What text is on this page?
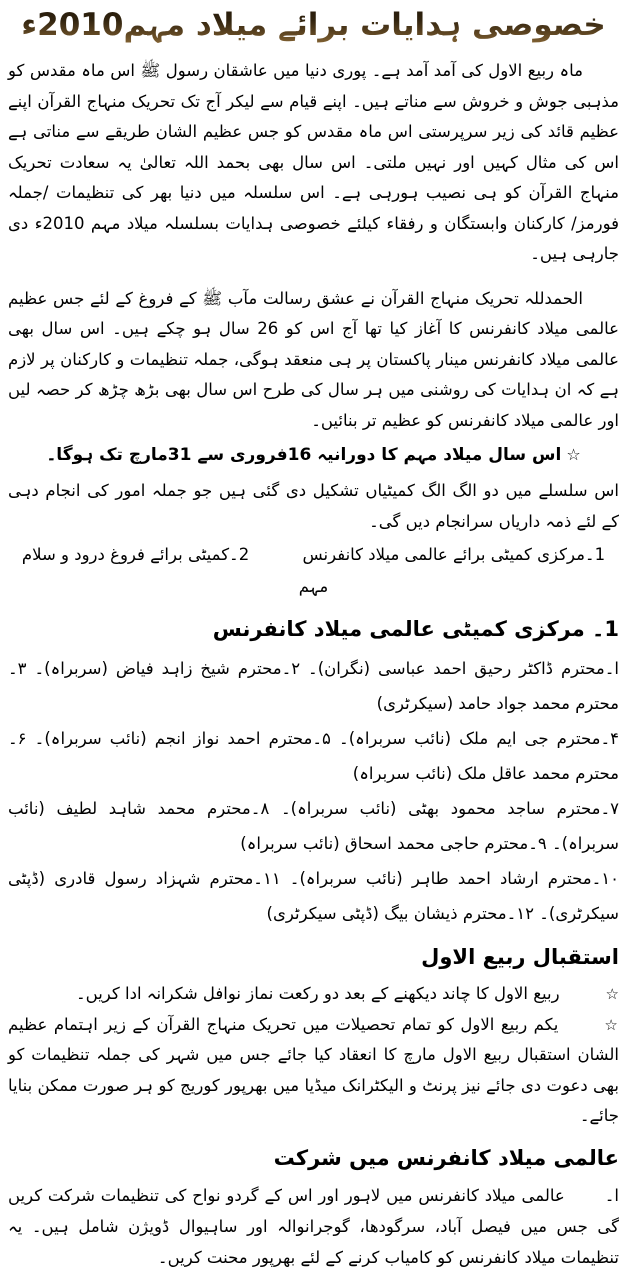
خصوصی ہدایات برائے میلاد مہم2010ء

ماہ ربیع الاول کی آمد آمد ہے۔ پوری دنیا میں عاشقان رسول ﷺ اس ماہ مقدس کو مذہبی جوش و خروش سے مناتے ہیں۔ اپنے قیام سے لیکر آج تک تحریک منہاج القرآن اپنے عظیم قائد کی زیر سرپرستی اس ماہ مقدس کو جس عظیم الشان طریقے سے مناتی ہے اس کی مثال کہیں اور نہیں ملتی۔ اس سال بھی بحمد اللہ تعالیٰ یہ سعادت تحریک منہاج القرآن کو ہی نصیب ہورہی ہے۔ اس سلسلہ میں دنیا بھر کی تنظیمات /جملہ فورمز/ کارکنان وابستگان و رفقاء کیلئے خصوصی ہدایات بسلسلہ میلاد مہم 2010ء دی جارہی ہیں۔

الحمدللہ تحریک منہاج القرآن نے عشق رسالت مآب ﷺ کے فروغ کے لئے جس عظیم عالمی میلاد کانفرنس کا آغاز کیا تھا آج اس کو 26 سال ہو چکے ہیں۔ اس سال بھی عالمی میلاد کانفرنس مینار پاکستان پر ہی منعقد ہوگی، جملہ تنظیمات و کارکنان پر لازم ہے کہ ان ہدایات کی روشنی میں ہر سال کی طرح اس سال بھی بڑھ چڑھ کر حصہ لیں اور عالمی میلاد کانفرنس کو عظیم تر بنائیں۔

☆اس سال میلاد مہم کا دورانیہ 16فروری سے 31مارچ تک ہوگا۔

اس سلسلے میں دو الگ الگ کمیٹیاں تشکیل دی گئی ہیں جو جملہ امور کی انجام دہی کے لئے ذمہ داریاں سرانجام دیں گی۔

1۔مرکزی کمیٹی برائے عالمی میلاد کانفرنس 2۔کمیٹی برائے فروغ درود و سلام مہم
1۔ مرکزی کمیٹی عالمی میلاد کانفرنس

ا۔محترم ڈاکٹر رحیق احمد عباسی (نگران)۔ ۲۔محترم شیخ زاہد فیاض (سربراہ)۔ ۳۔محترم محمد جواد حامد (سیکرٹری)

۴۔محترم جی ایم ملک (نائب سربراہ)۔ ۵۔محترم احمد نواز انجم (نائب سربراہ)۔ ۶۔محترم محمد عاقل ملک (نائب سربراہ)

۷۔محترم ساجد محمود بھٹی (نائب سربراہ)۔ ۸۔محترم محمد شاہد لطیف (نائب سربراہ)۔ ۹۔محترم حاجی محمد اسحاق (نائب سربراہ)

۱۰۔محترم ارشاد احمد طاہر (نائب سربراہ)۔ ۱۱۔محترم شہزاد رسول قادری (ڈپٹی سیکرٹری)۔ ۱۲۔محترم ذیشان بیگ (ڈپٹی سیکرٹری)

استقبال ربیع الاول

☆ربیع الاول کا چاند دیکھنے کے بعد دو رکعت نماز نوافل شکرانہ ادا کریں۔

☆یکم ربیع الاول کو تمام تحصیلات میں تحریک منہاج القرآن کے زیر اہتمام عظیم الشان استقبال ربیع الاول مارچ کا انعقاد کیا جائے جس میں شہر کی جملہ تنظیمات کو بھی دعوت دی جائے نیز پرنٹ و الیکٹرانک میڈیا میں بھرپور کوریج کو ہر صورت ممکن بنایا جائے۔

عالمی میلاد کانفرنس میں شرکت

ا۔عالمی میلاد کانفرنس میں لاہور اور اس کے گردو نواح کی تنظیمات شرکت کریں گی جس میں فیصل آباد، سرگودھا، گوجرانوالہ اور ساہیوال ڈویژن شامل ہیں۔ یہ تنظیمات میلاد کانفرنس کو کامیاب کرنے کے لئے بھرپور محنت کریں۔
